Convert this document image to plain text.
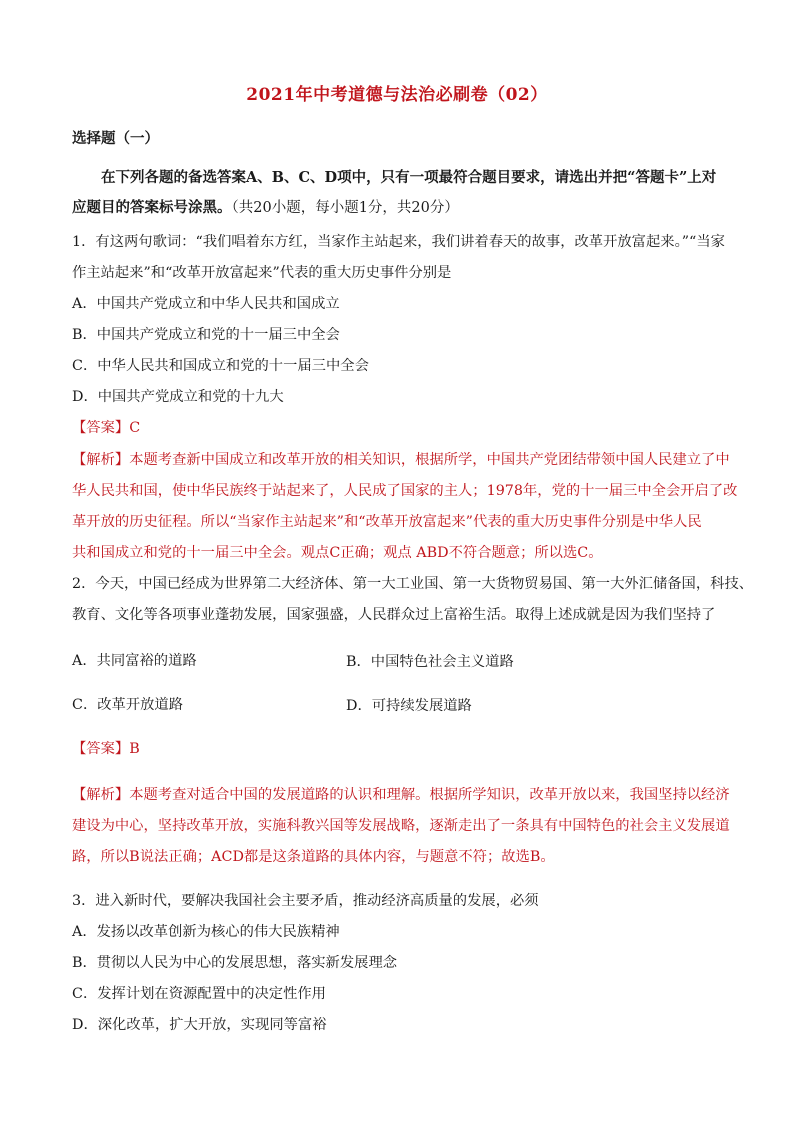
2021年中考道德与法治必刷卷（02）
选择题（一）
在下列各题的备选答案A、B、C、D项中，只有一项最符合题目要求，请选出并把“答题卡”上对应题目的答案标号涂黑。（共20小题，每小题1分，共20分）
1．有这两句歌词：“我们唱着东方红，当家作主站起来，我们讲着春天的故事，改革开放富起来。”“当家
作主站起来”和“改革开放富起来”代表的重大历史事件分别是
A．中国共产党成立和中华人民共和国成立
B．中国共产党成立和党的十一届三中全会
C．中华人民共和国成立和党的十一届三中全会
D．中国共产党成立和党的十九大
【答案】C
【解析】本题考查新中国成立和改革开放的相关知识，根据所学，中国共产党团结带领中国人民建立了中
华人民共和国，使中华民族终于站起来了，人民成了国家的主人；1978年，党的十一届三中全会开启了改
革开放的历史征程。所以“当家作主站起来”和“改革开放富起来”代表的重大历史事件分别是中华人民
共和国成立和党的十一届三中全会。观点C正确；观点 ABD不符合题意；所以选C。
2．今天，中国已经成为世界第二大经济体、第一大工业国、第一大货物贸易国、第一大外汇储备国，科技、
教育、文化等各项事业蓬勃发展，国家强盛，人民群众过上富裕生活。取得上述成就是因为我们坚持了
A．共同富裕的道路	B．中国特色社会主义道路
C．改革开放道路	D．可持续发展道路
【答案】B
【解析】本题考查对适合中国的发展道路的认识和理解。根据所学知识，改革开放以来，我国坚持以经济
建设为中心，坚持改革开放，实施科教兴国等发展战略，逐渐走出了一条具有中国特色的社会主义发展道
路，所以B说法正确；ACD都是这条道路的具体内容，与题意不符；故选B。
3．进入新时代，要解决我国社会主要矛盾，推动经济高质量的发展，必须
A．发扬以改革创新为核心的伟大民族精神
B．贯彻以人民为中心的发展思想，落实新发展理念
C．发挥计划在资源配置中的决定性作用
D．深化改革，扩大开放，实现同等富裕
